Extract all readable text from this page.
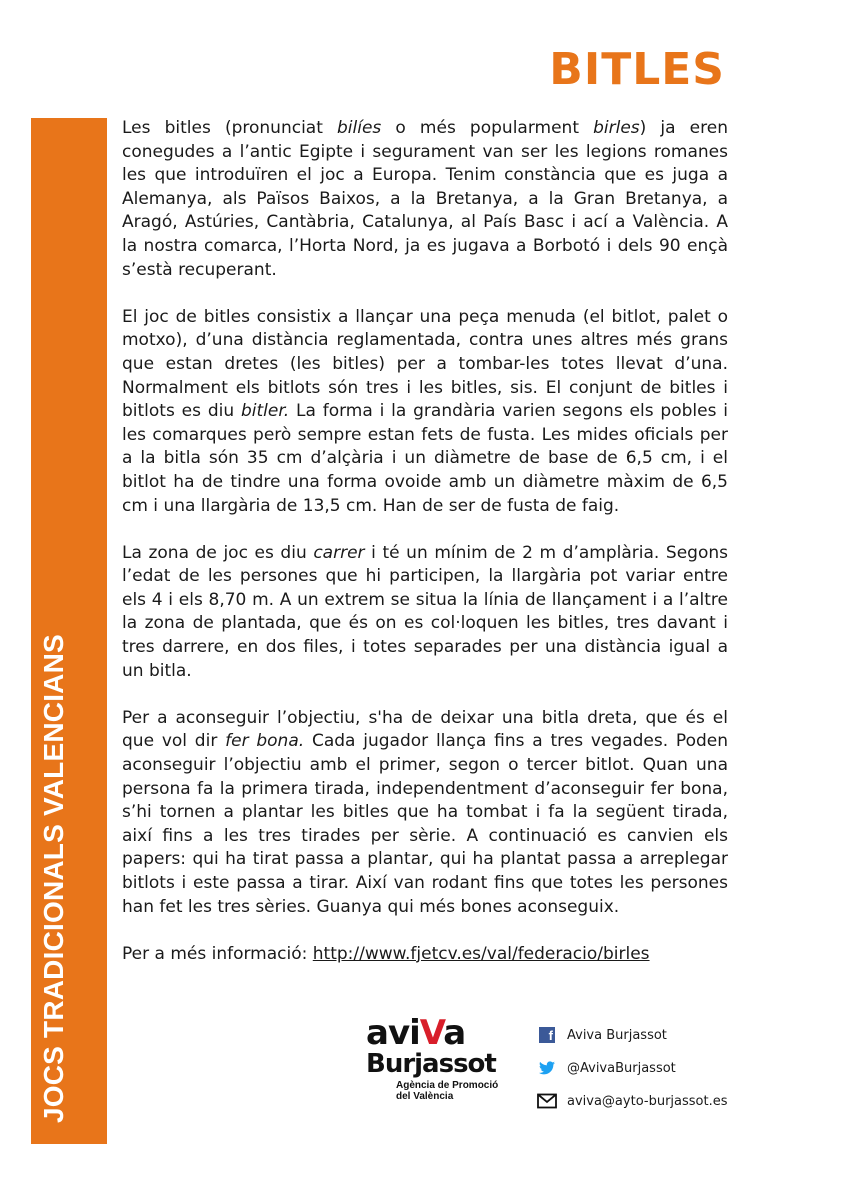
JOCS TRADICIONALS VALENCIANS
BITLES

Les bitles (pronunciat bilíes o més popularment birles) ja eren conegudes a l’antic Egipte i segurament van ser les legions romanes les que introduïren el joc a Europa. Tenim constància que es juga a Alemanya, als Països Baixos, a la Bretanya, a la Gran Bretanya, a Aragó, Astúries, Cantàbria, Catalunya, al País Basc i ací a València. A la nostra comarca, l’Horta Nord, ja es jugava a Borbotó i dels 90 ençà s’està recuperant.

El joc de bitles consistix a llançar una peça menuda (el bitlot, palet o motxo), d’una distància reglamentada, contra unes altres més grans que estan dretes (les bitles) per a tombar-les totes llevat d’una. Normalment els bitlots són tres i les bitles, sis. El conjunt de bitles i bitlots es diu bitler. La forma i la grandària varien segons els pobles i les comarques però sempre estan fets de fusta. Les mides oficials per a la bitla són 35 cm d’alçària i un diàmetre de base de 6,5 cm, i el bitlot ha de tindre una forma ovoide amb un diàmetre màxim de 6,5 cm i una llargària de 13,5 cm. Han de ser de fusta de faig.

La zona de joc es diu carrer i té un mínim de 2 m d’amplària. Segons l’edat de les persones que hi participen, la llargària pot variar entre els 4 i els 8,70 m. A un extrem se situa la línia de llançament i a l’altre la zona de plantada, que és on es col·loquen les bitles, tres davant i tres darrere, en dos files, i totes separades per una distància igual a un bitla.

Per a aconseguir l’objectiu, s'ha de deixar una bitla dreta, que és el que vol dir fer bona. Cada jugador llança fins a tres vegades. Poden aconseguir l’objectiu amb el primer, segon o tercer bitlot. Quan una persona fa la primera tirada, independentment d’aconseguir fer bona, s’hi tornen a plantar les bitles que ha tombat i fa la següent tirada, així fins a les tres tirades per sèrie. A continuació es canvien els papers: qui ha tirat passa a plantar, qui ha plantat passa a arreplegar bitlots i este passa a tirar. Així van rodant fins que totes les persones han fet les tres sèries. Guanya qui més bones aconseguix.

Per a més informació: http://www.fjetcv.es/val/federacio/birles

aviVa
Burjassot
Agència de Promoció
del València
f Aviva Burjassot
@AvivaBurjassot
aviva@ayto-burjassot.es
